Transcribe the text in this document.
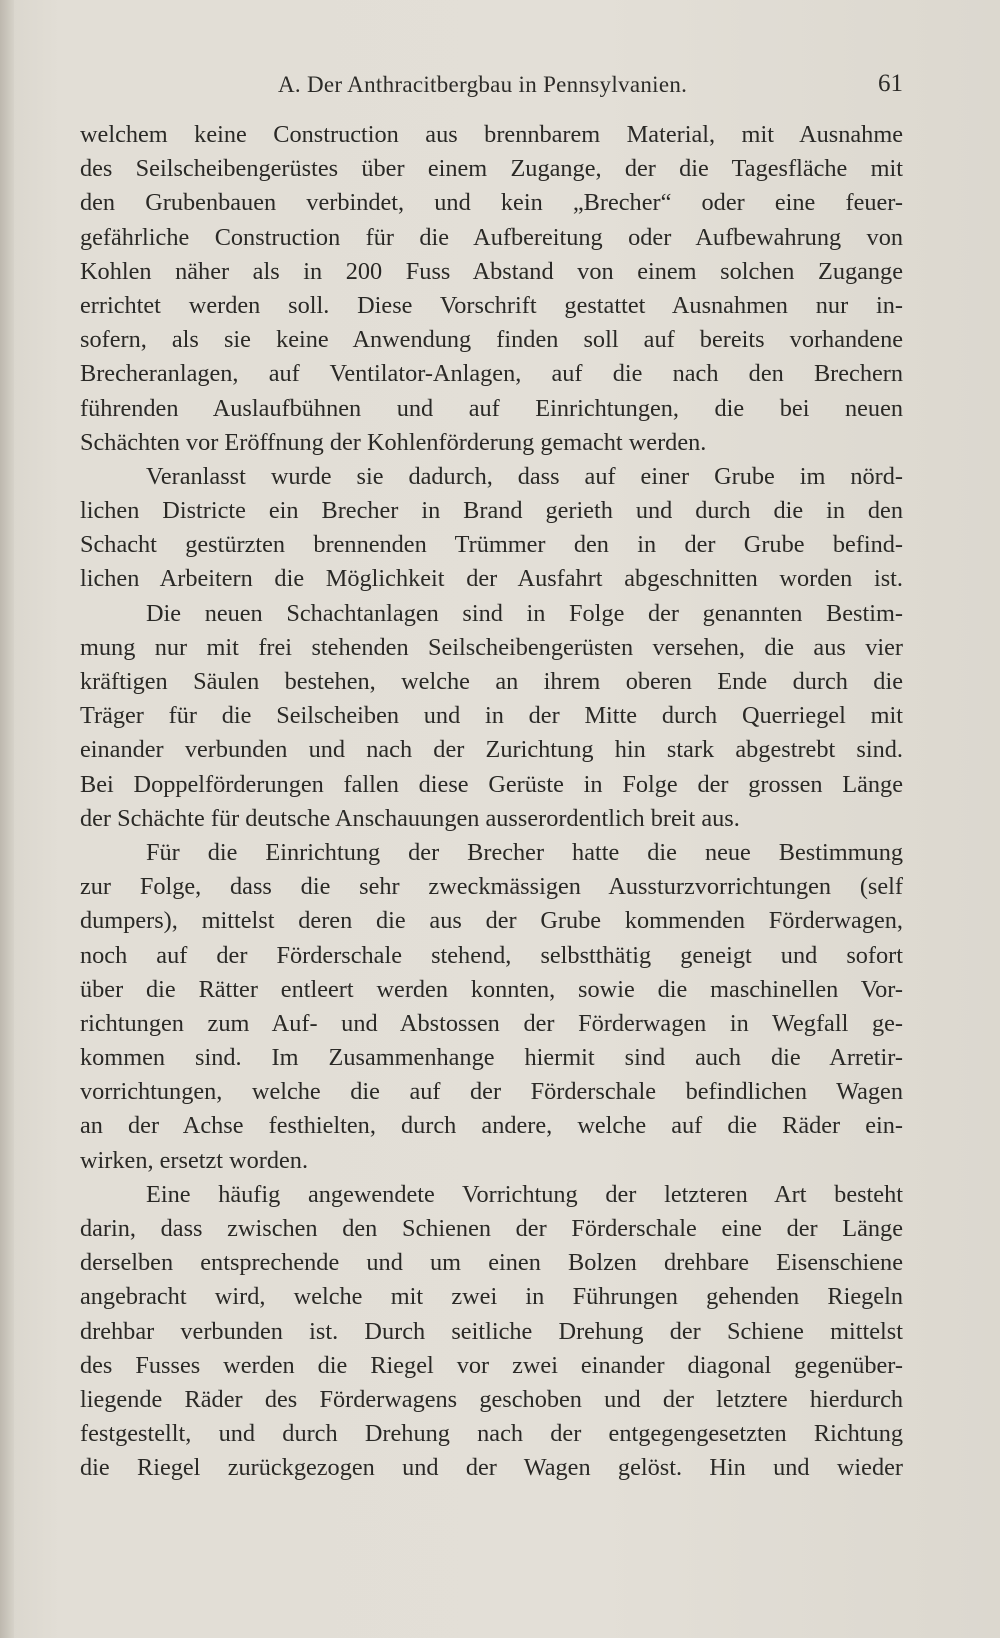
A. Der Anthracitbergbau in Pennsylvanien.	61
welchem keine Construction aus brennbarem Material, mit Ausnahme
des Seilscheibengerüstes über einem Zugange, der die Tagesfläche mit
den Grubenbauen verbindet, und kein „Brecher“ oder eine feuer-
gefährliche Construction für die Aufbereitung oder Aufbewahrung von
Kohlen näher als in 200 Fuss Abstand von einem solchen Zugange
errichtet werden soll. Diese Vorschrift gestattet Ausnahmen nur in-
sofern, als sie keine Anwendung finden soll auf bereits vorhandene
Brecheranlagen, auf Ventilator-Anlagen, auf die nach den Brechern
führenden Auslaufbühnen und auf Einrichtungen, die bei neuen
Schächten vor Eröffnung der Kohlenförderung gemacht werden.
Veranlasst wurde sie dadurch, dass auf einer Grube im nörd-
lichen Districte ein Brecher in Brand gerieth und durch die in den
Schacht gestürzten brennenden Trümmer den in der Grube befind-
lichen Arbeitern die Möglichkeit der Ausfahrt abgeschnitten worden ist.
Die neuen Schachtanlagen sind in Folge der genannten Bestim-
mung nur mit frei stehenden Seilscheibengerüsten versehen, die aus vier
kräftigen Säulen bestehen, welche an ihrem oberen Ende durch die
Träger für die Seilscheiben und in der Mitte durch Querriegel mit
einander verbunden und nach der Zurichtung hin stark abgestrebt sind.
Bei Doppelförderungen fallen diese Gerüste in Folge der grossen Länge
der Schächte für deutsche Anschauungen ausserordentlich breit aus.
Für die Einrichtung der Brecher hatte die neue Bestimmung
zur Folge, dass die sehr zweckmässigen Aussturzvorrichtungen (self
dumpers), mittelst deren die aus der Grube kommenden Förderwagen,
noch auf der Förderschale stehend, selbstthätig geneigt und sofort
über die Rätter entleert werden konnten, sowie die maschinellen Vor-
richtungen zum Auf- und Abstossen der Förderwagen in Wegfall ge-
kommen sind. Im Zusammenhange hiermit sind auch die Arretir-
vorrichtungen, welche die auf der Förderschale befindlichen Wagen
an der Achse festhielten, durch andere, welche auf die Räder ein-
wirken, ersetzt worden.
Eine häufig angewendete Vorrichtung der letzteren Art besteht
darin, dass zwischen den Schienen der Förderschale eine der Länge
derselben entsprechende und um einen Bolzen drehbare Eisenschiene
angebracht wird, welche mit zwei in Führungen gehenden Riegeln
drehbar verbunden ist. Durch seitliche Drehung der Schiene mittelst
des Fusses werden die Riegel vor zwei einander diagonal gegenüber-
liegende Räder des Förderwagens geschoben und der letztere hierdurch
festgestellt, und durch Drehung nach der entgegengesetzten Richtung
die Riegel zurückgezogen und der Wagen gelöst. Hin und wieder
